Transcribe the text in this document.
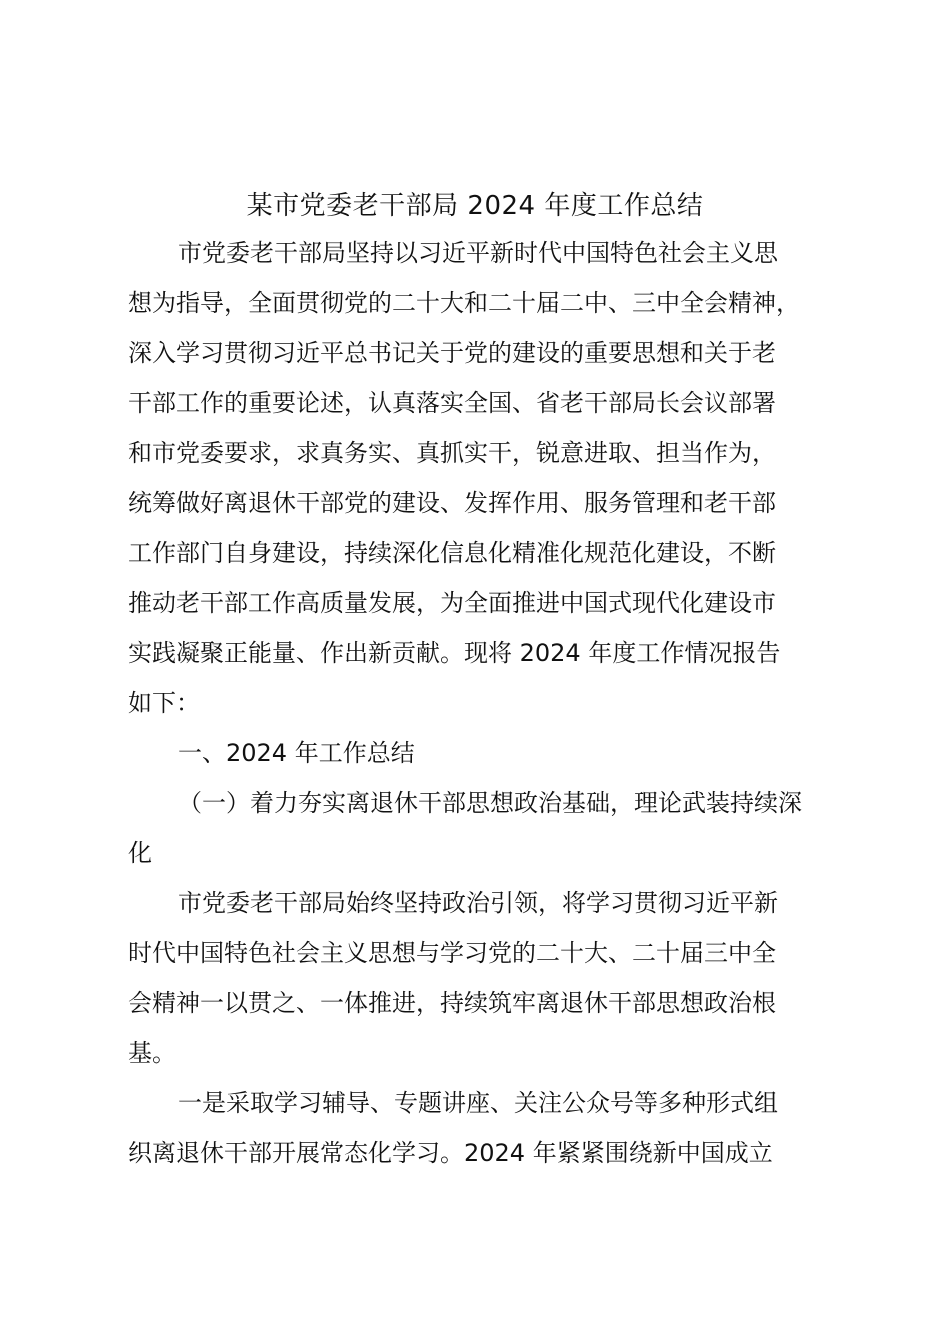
某市党委老干部局 2024 年度工作总结
市党委老干部局坚持以习近平新时代中国特色社会主义思
想为指导，全面贯彻党的二十大和二十届二中、三中全会精神，
深入学习贯彻习近平总书记关于党的建设的重要思想和关于老
干部工作的重要论述，认真落实全国、省老干部局长会议部署
和市党委要求，求真务实、真抓实干，锐意进取、担当作为，
统筹做好离退休干部党的建设、发挥作用、服务管理和老干部
工作部门自身建设，持续深化信息化精准化规范化建设，不断
推动老干部工作高质量发展，为全面推进中国式现代化建设市
实践凝聚正能量、作出新贡献。现将 2024 年度工作情况报告
如下：
一、2024 年工作总结
（一）着力夯实离退休干部思想政治基础，理论武装持续深
化
市党委老干部局始终坚持政治引领，将学习贯彻习近平新
时代中国特色社会主义思想与学习党的二十大、二十届三中全
会精神一以贯之、一体推进，持续筑牢离退休干部思想政治根
基。
一是采取学习辅导、专题讲座、关注公众号等多种形式组
织离退休干部开展常态化学习。2024 年紧紧围绕新中国成立
